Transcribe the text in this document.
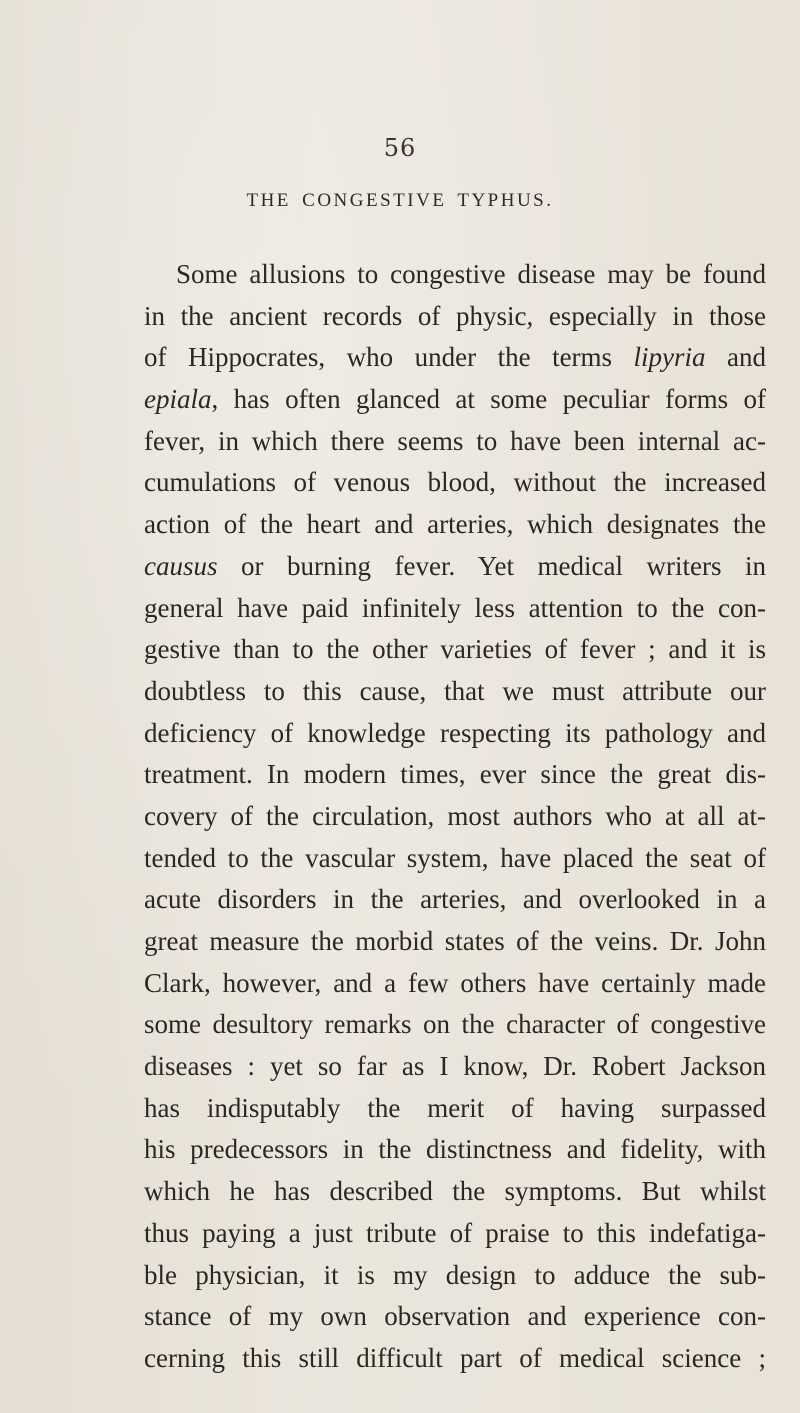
56
THE CONGESTIVE TYPHUS.
Some allusions to congestive disease may be found
in the ancient records of physic, especially in those
of Hippocrates, who under the terms lipyria and
epiala, has often glanced at some peculiar forms of
fever, in which there seems to have been internal ac-
cumulations of venous blood, without the increased
action of the heart and arteries, which designates the
causus or burning fever. Yet medical writers in
general have paid infinitely less attention to the con-
gestive than to the other varieties of fever ; and it is
doubtless to this cause, that we must attribute our
deficiency of knowledge respecting its pathology and
treatment. In modern times, ever since the great dis-
covery of the circulation, most authors who at all at-
tended to the vascular system, have placed the seat of
acute disorders in the arteries, and overlooked in a
great measure the morbid states of the veins. Dr. John
Clark, however, and a few others have certainly made
some desultory remarks on the character of congestive
diseases : yet so far as I know, Dr. Robert Jackson
has indisputably the merit of having surpassed
his predecessors in the distinctness and fidelity, with
which he has described the symptoms. But whilst
thus paying a just tribute of praise to this indefatiga-
ble physician, it is my design to adduce the sub-
stance of my own observation and experience con-
cerning this still difficult part of medical science ;
